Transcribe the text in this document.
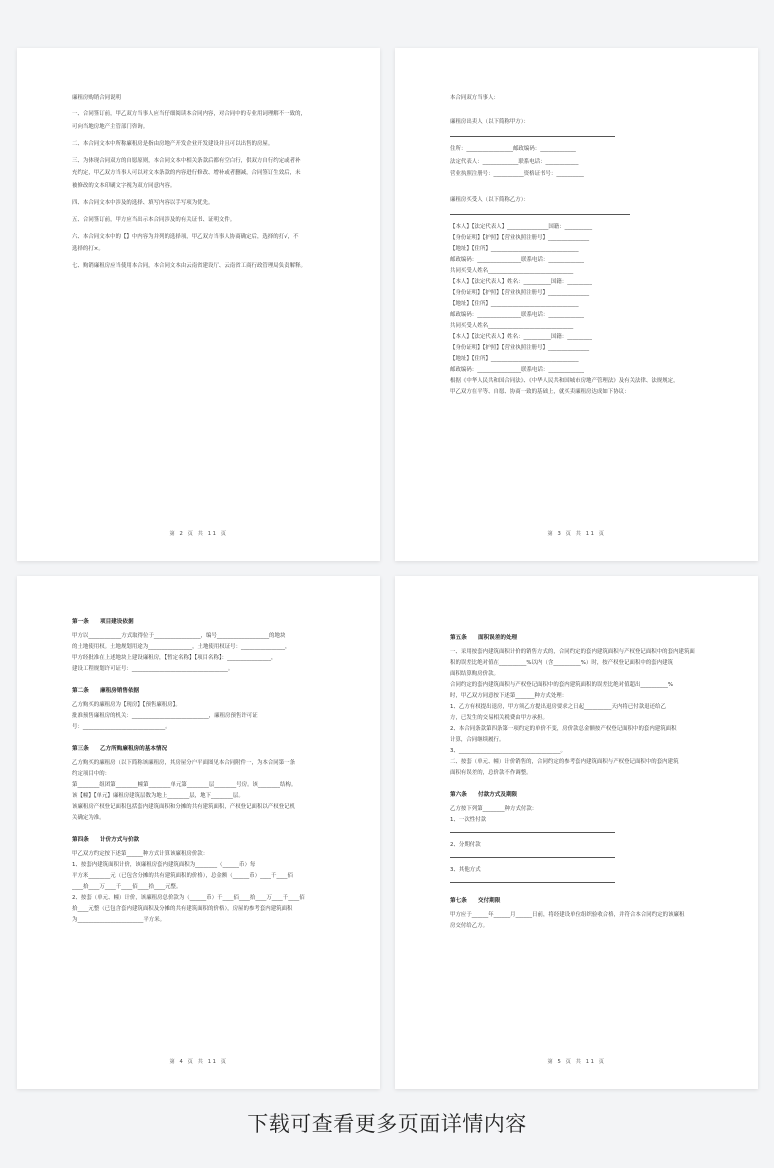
廉租房购销合同说明
一、合同签订前，甲乙双方当事人应当仔细阅读本合同内容，对合同中的专业用词理解不一致的，
可向当地房地产主管部门咨询。
二、本合同文本中所称廉租房是指由房地产开发企业开发建设并且可以出售的房屋。
三、为体现合同双方的自愿原则，本合同文本中相关条款后都有空白行，供双方自行约定或者补
充约定，甲乙双方当事人可以对文本条款的内容进行修改、增补或者删减，合同签订生效后，未
被修改的文本印刷文字视为双方同意内容。
四、本合同文本中涉及的选择、填写内容以手写项为优先。
五、合同签订前，甲方应当出示本合同涉及的有关证书、证明文件。
六、本合同文本中的【】中内容为并列的选择项，甲乙双方当事人协商确定后，选择的打√，不
选择的打×。
七、购销廉租房应当使用本合同，本合同文本由云南省建设厅、云南省工商行政管理局负责解释。
第 2 页 共 11 页
本合同双方当事人：
廉租房出卖人（以下简称甲方）：
住所：_________________邮政编码：_____________
法定代表人：_____________联系电话：____________
营业执照注册号：___________资格证书号：__________
廉租房买受人（以下简称乙方）：
【本人】【法定代表人】_______________国籍：__________
【身份证明】【护照】【营业执照注册号】_______________
【地址】【住所】________________________________
邮政编码：________________联系电话：_____________
共同买受人姓名_______________________________
【本人】【法定代表人】姓名：__________国籍：_________
【身份证明】【护照】【营业执照注册号】_______________
【地址】【住所】________________________________
邮政编码：________________联系电话：_____________
共同买受人姓名_______________________________
【本人】【法定代表人】姓名：__________国籍：_________
【身份证明】【护照】【营业执照注册号】_______________
【地址】【住所】________________________________
邮政编码：________________联系电话：_____________
根据《中华人民共和国合同法》、《中华人民共和国城市房地产管理法》及有关法律、法规规定，
甲乙双方在平等、自愿、协商一致的基础上，就买卖廉租房达成如下协议：
第 3 页 共 11 页
第一条　　项目建设依据
甲方以____________方式取得位于_________________，编号___________________的地块
的土地使用权。土地规划用途为________________，土地使用权证号：________________，
甲方经批准在上述地块上建设廉租房，【暂定名称】【项目名称】：________________，
建设工程规划许可证号：___________________________________。
第二条　　廉租房销售依据
乙方购买的廉租房为【现房】【预售廉租房】。
批准预售廉租房的机关：____________________________，廉租房预售许可证
号：______________________________。
第三条　　乙方所购廉租房的基本情况
乙方购买的廉租房（以下简称该廉租房，其房屋分户平面图见本合同附件一，为本合同第一条
约定项目中的：
第________组团第________幢第________单元第________层________号房。该________结构。
该【幢】【单元】廉租房建筑层数为地上________层，地下________层。
该廉租房产权登记面积包括套内建筑面积和分摊的共有建筑面积，产权登记面积以产权登记机
关确定为准。
第四条　　计价方式与价款
甲乙双方约定按下述第______种方式计算该廉租房价款：
1、按套内建筑面积计价，该廉租房套内建筑面积为________（______币）每
平方米________元（已包含分摊的共有建筑面积的价格），总金额（______币）____千____佰
____拾____万____千____佰____拾____元整。
2、按套（单元、幢）计价，该廉租房总价款为（______币）千____佰____拾____万____千____佰
拾____元整（已包含套内建筑面积及分摊的共有建筑面积的价格），房屋的参考套内建筑面积
为________________________平方米。
第 4 页 共 11 页
第五条　　面积误差的处理
一、采用按套内建筑面积计价的销售方式的，合同约定的套内建筑面积与产权登记面积中的套内建筑面
积的误差比绝对值在__________%以内（含__________%）时，按产权登记面积中的套内建筑
面积结算购房价款。
合同约定的套内建筑面积与产权登记面积中的套内建筑面积的误差比绝对值超出__________%
时，甲乙双方同意按下述第_______种方式处理：
1、乙方有权提出退房，甲方须乙方提出退房要求之日起__________天内将已付款退还给乙
方，已发生的交易相关税费由甲方承担。
2、本合同条款第四条第一项约定的单价不变，房价款总金额按产权登记面积中的套内建筑面积
计算，合同继续履行。
3、_____________________________________。
二、按套（单元、幢）计价销售的，合同约定的参考套内建筑面积与产权登记面积中的套内建筑
面积有误差的，总价款不作调整。
第六条　　付款方式及期限
乙方按下列第________种方式付款：
1、一次性付款
2、分期付款
3、其他方式
第七条　　交付期限
甲方应于______年______月______日前，将经建设单位组织验收合格，并符合本合同约定的该廉租
房交付给乙方。
第 5 页 共 11 页
下载可查看更多页面详情内容
